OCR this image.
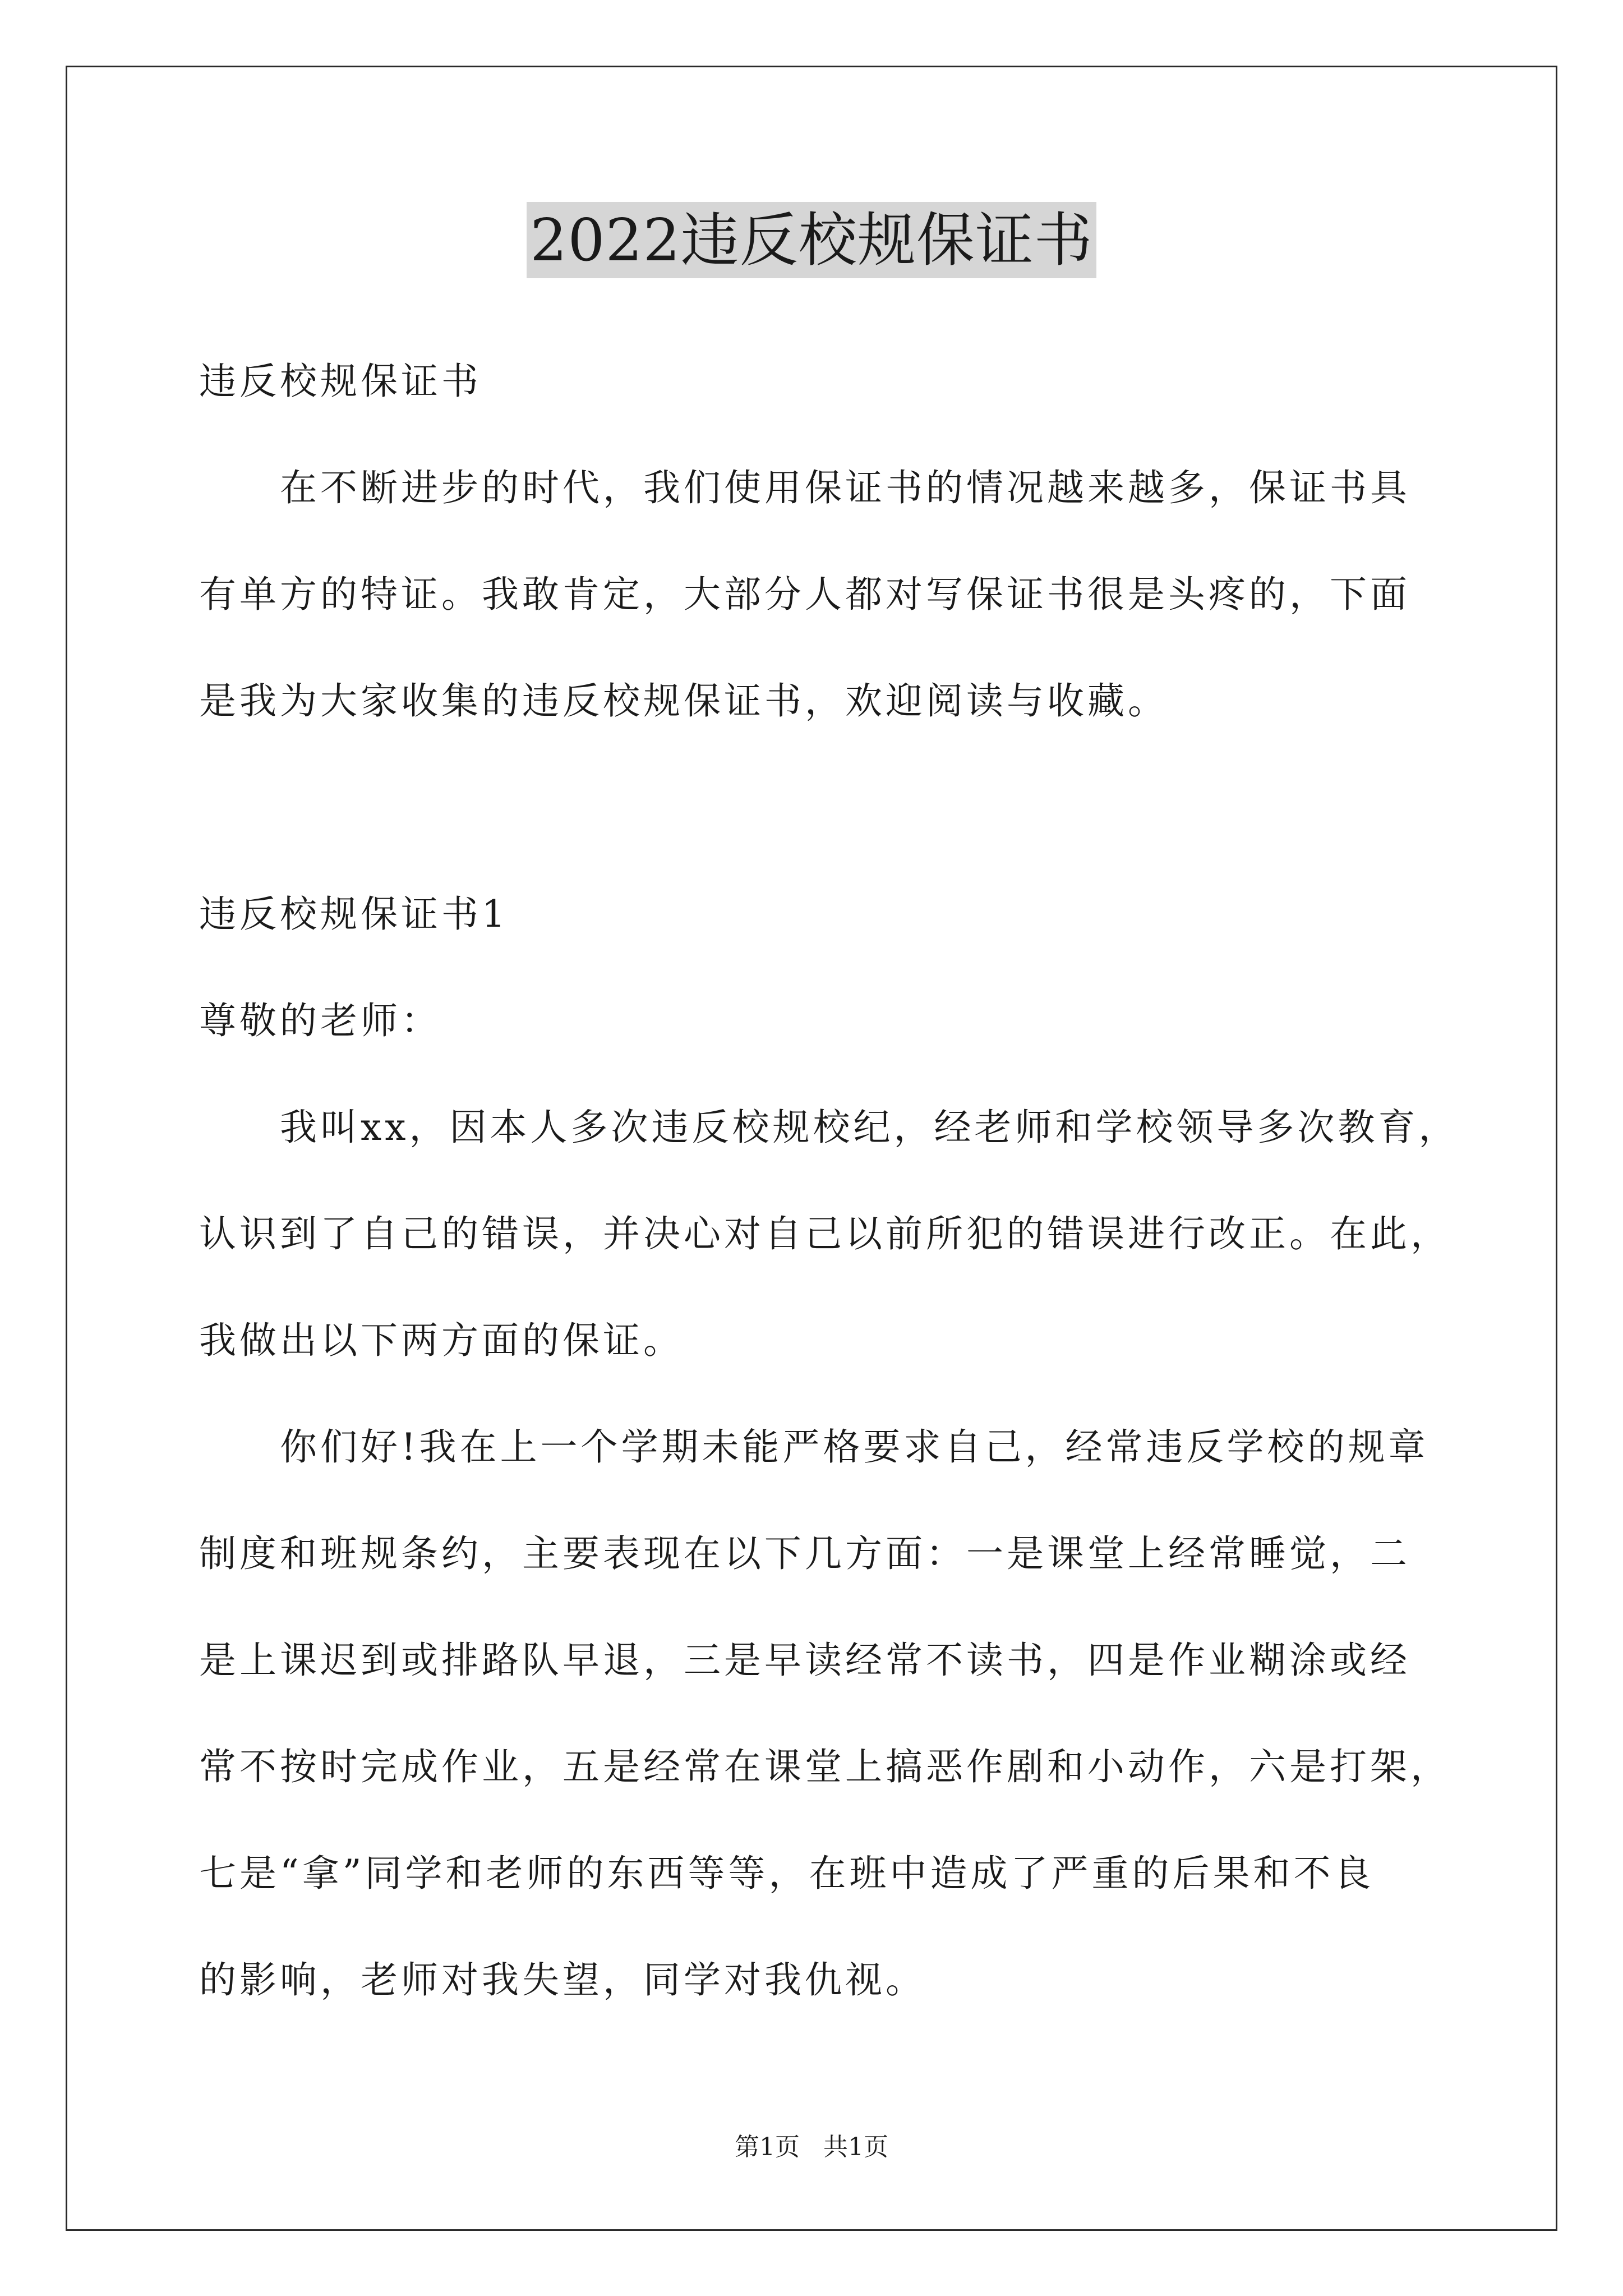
2022违反校规保证书

违反校规保证书

　　在不断进步的时代，我们使用保证书的情况越来越多，保证书具

有单方的特证。我敢肯定，大部分人都对写保证书很是头疼的，下面

是我为大家收集的违反校规保证书，欢迎阅读与收藏。

违反校规保证书1

尊敬的老师：

　　我叫xx，因本人多次违反校规校纪，经老师和学校领导多次教育，

认识到了自己的错误，并决心对自己以前所犯的错误进行改正。在此，

我做出以下两方面的保证。

　　你们好!我在上一个学期未能严格要求自己，经常违反学校的规章

制度和班规条约，主要表现在以下几方面：一是课堂上经常睡觉，二

是上课迟到或排路队早退，三是早读经常不读书，四是作业糊涂或经

常不按时完成作业，五是经常在课堂上搞恶作剧和小动作，六是打架，

七是“拿”同学和老师的东西等等，在班中造成了严重的后果和不良

的影响，老师对我失望，同学对我仇视。

第1页 共1页
